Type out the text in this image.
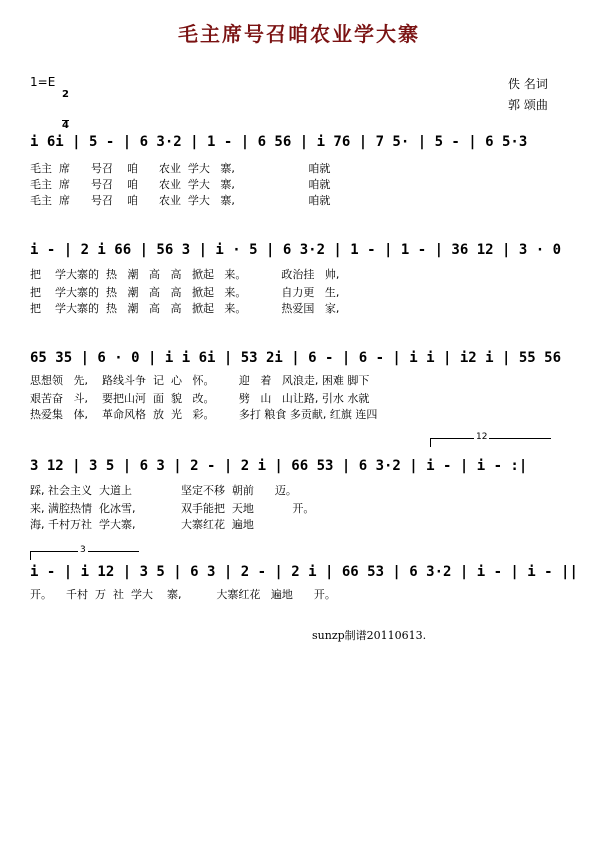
毛主席号召咱农业学大寨
1=E

2

4

佚 名词
郭 颂曲
i 6i | 5 - | 6 3·2 | 1 - | 6 56 | i 76 | 7 5· | 5 - | 6 5·3
毛主  席      号召    咱      农业  学大   寨,                     咱就
毛主  席      号召    咱      农业  学大   寨,                     咱就
毛主  席      号召    咱      农业  学大   寨,                     咱就
i - | 2 i 66 | 56 3 | i · 5 | 6 3·2 | 1 - | 1 - | 36 12 | 3 · 0
把    学大寨的  热   潮   高   高   掀起   来。          政治挂   帅,
把    学大寨的  热   潮   高   高   掀起   来。          自力更   生,
把    学大寨的  热   潮   高   高   掀起   来。          热爱国   家,
65 35 | 6 · 0 | i i 6i | 53 2i | 6 - | 6 - | i i | i2 i | 55 56
思想领   先,    路线斗争  记  心   怀。       迎   着   风浪走, 困难 脚下
艰苦奋   斗,    要把山河  面  貌   改。       劈   山   山让路, 引水 水就
热爱集   体,    革命风格  放  光   彩。       多打 粮食 多贡献, 红旗 连四
12
3 12 | 3 5 | 6 3 | 2 - | 2 i | 66 53 | 6 3·2 | i - | i - :|
踩, 社会主义  大道上              坚定不移  朝前      迈。
来, 满腔热情  化冰雪,             双手能把  天地           开。
海, 千村万社  学大寨,             大寨红花  遍地
3
i - | i 12 | 3 5 | 6 3 | 2 - | 2 i | 66 53 | 6 3·2 | i - | i - ||
开。    千村  万  社  学大    寨,          大寨红花   遍地      开。
sunzp制谱20110613.
